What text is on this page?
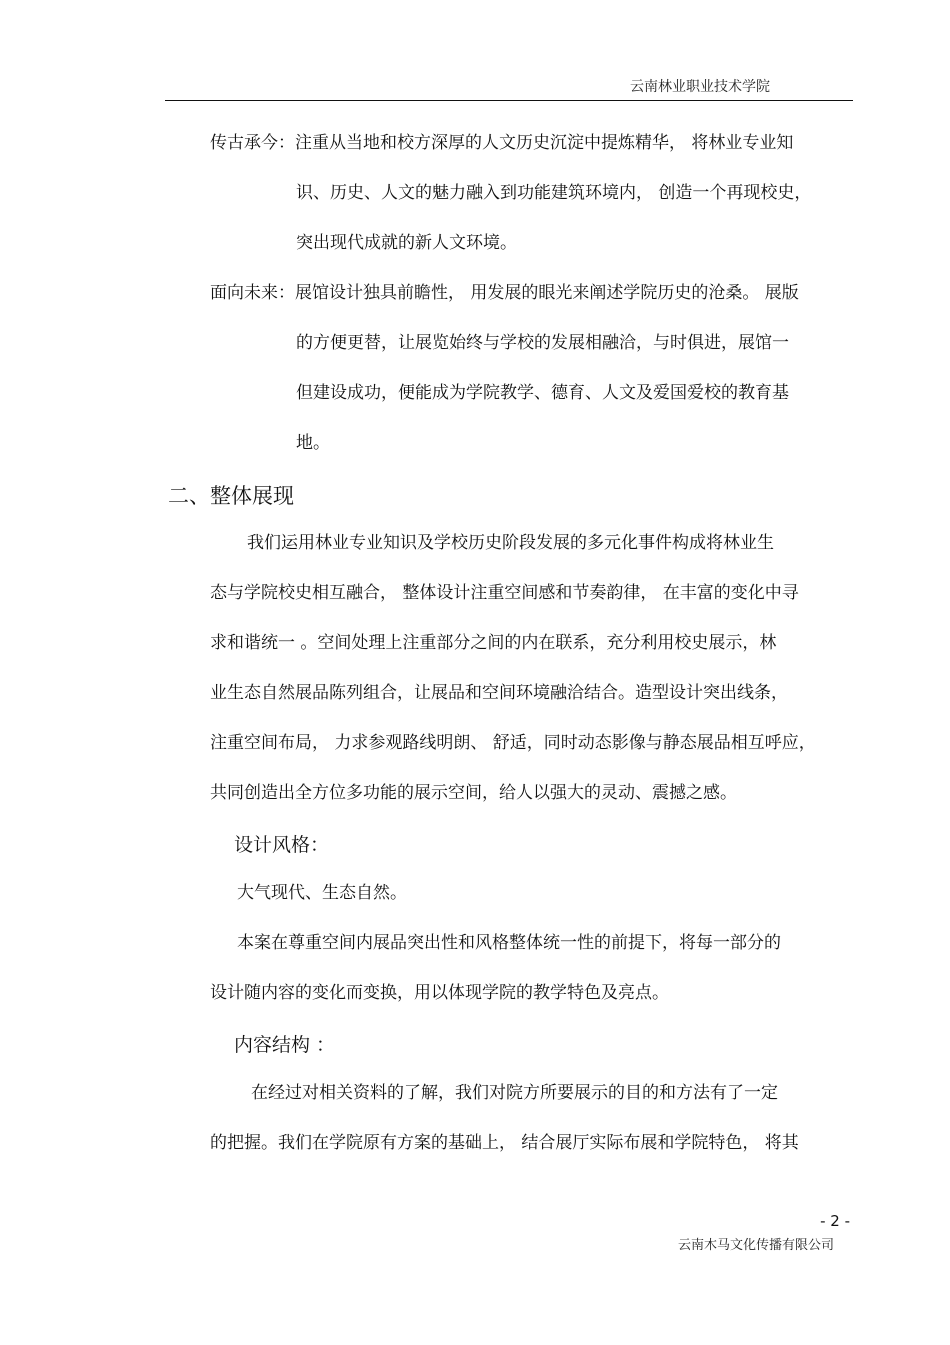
云南林业职业技术学院
传古承今：注重从当地和校方深厚的人文历史沉淀中提炼精华， 将林业专业知
识、历史、人文的魅力融入到功能建筑环境内， 创造一个再现校史，
突出现代成就的新人文环境。
面向未来：展馆设计独具前瞻性， 用发展的眼光来阐述学院历史的沧桑。 展版
的方便更替，让展览始终与学校的发展相融洽，与时俱进，展馆一
但建设成功，便能成为学院教学、德育、人文及爱国爱校的教育基
地。
二、整体展现
我们运用林业专业知识及学校历史阶段发展的多元化事件构成将林业生
态与学院校史相互融合， 整体设计注重空间感和节奏韵律， 在丰富的变化中寻
求和谐统一 。空间处理上注重部分之间的内在联系，充分利用校史展示，林
业生态自然展品陈列组合，让展品和空间环境融洽结合。造型设计突出线条，
注重空间布局， 力求参观路线明朗、 舒适，同时动态影像与静态展品相互呼应，
共同创造出全方位多功能的展示空间，给人以强大的灵动、震撼之感。
设计风格：
大气现代、生态自然。
本案在尊重空间内展品突出性和风格整体统一性的前提下，将每一部分的
设计随内容的变化而变换，用以体现学院的教学特色及亮点。
内容结构 ：
在经过对相关资料的了解，我们对院方所要展示的目的和方法有了一定
的把握。我们在学院原有方案的基础上， 结合展厅实际布展和学院特色， 将其
- 2 -
云南木马文化传播有限公司
